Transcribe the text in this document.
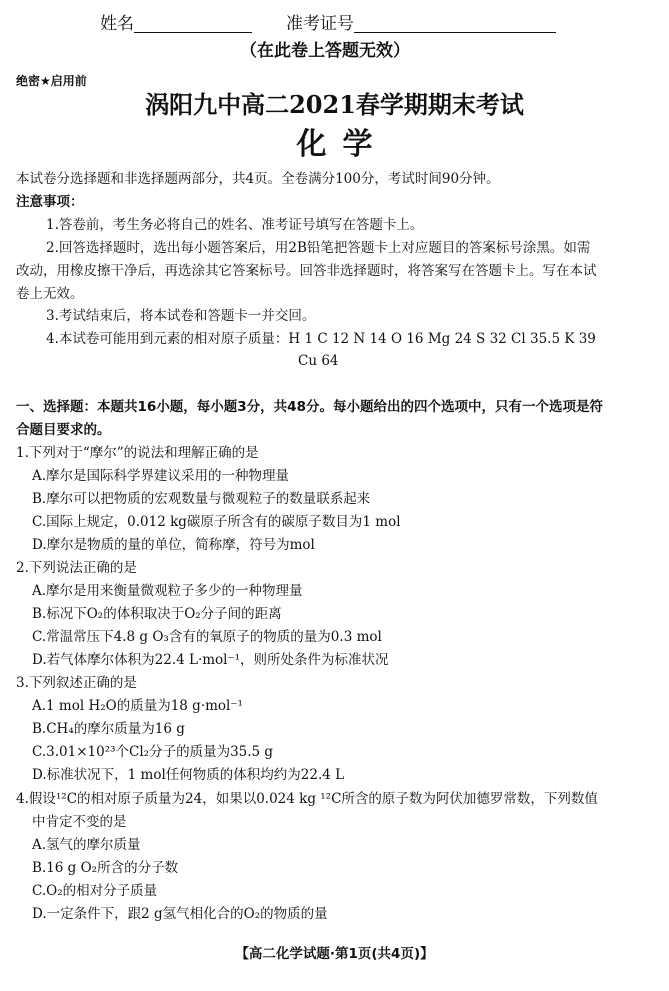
姓名	准考证号
（在此卷上答题无效）
绝密★启用前
涡阳九中高二2021春学期期末考试
化学
本试卷分选择题和非选择题两部分，共4页。全卷满分100分，考试时间90分钟。
注意事项：
1.答卷前，考生务必将自己的姓名、准考证号填写在答题卡上。
2.回答选择题时，选出每小题答案后，用2B铅笔把答题卡上对应题目的答案标号涂黑。如需
改动，用橡皮擦干净后，再选涂其它答案标号。回答非选择题时，将答案写在答题卡上。写在本试
卷上无效。
3.考试结束后，将本试卷和答题卡一并交回。
4.本试卷可能用到元素的相对原子质量：H 1 C 12 N 14 O 16 Mg 24 S 32 Cl 35.5 K 39
Cu 64
一、选择题：本题共16小题，每小题3分，共48分。每小题给出的四个选项中，只有一个选项是符
合题目要求的。
1.下列对于“摩尔”的说法和理解正确的是
A.摩尔是国际科学界建议采用的一种物理量
B.摩尔可以把物质的宏观数量与微观粒子的数量联系起来
C.国际上规定，0.012 kg碳原子所含有的碳原子数目为1 mol
D.摩尔是物质的量的单位，简称摩，符号为mol
2.下列说法正确的是
A.摩尔是用来衡量微观粒子多少的一种物理量
B.标况下O₂的体积取决于O₂分子间的距离
C.常温常压下4.8 g O₃含有的氧原子的物质的量为0.3 mol
D.若气体摩尔体积为22.4 L·mol⁻¹，则所处条件为标准状况
3.下列叙述正确的是
A.1 mol H₂O的质量为18 g·mol⁻¹
B.CH₄的摩尔质量为16 g
C.3.01×10²³个Cl₂分子的质量为35.5 g
D.标准状况下，1 mol任何物质的体积均约为22.4 L
4.假设¹²C的相对原子质量为24，如果以0.024 kg ¹²C所含的原子数为阿伏加德罗常数，下列数值
中肯定不变的是
A.氢气的摩尔质量
B.16 g O₂所含的分子数
C.O₂的相对分子质量
D.一定条件下，跟2 g氢气相化合的O₂的物质的量
【高二化学试题·第1页(共4页)】
